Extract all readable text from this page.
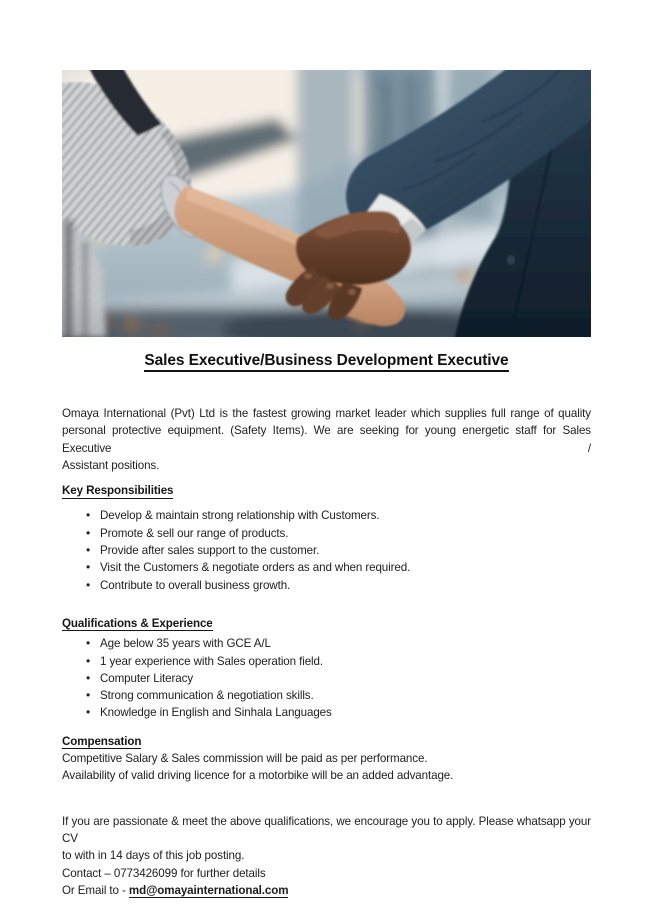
Sales Executive/Business Development Executive

Omaya International (Pvt) Ltd is the fastest growing market leader which supplies full range of quality
personal protective equipment. (Safety Items). We are seeking for young energetic staff for Sales Executive /
Assistant positions.

Key Responsibilities
• Develop & maintain strong relationship with Customers.
• Promote & sell our range of products.
• Provide after sales support to the customer.
• Visit the Customers & negotiate orders as and when required.
• Contribute to overall business growth.
Qualifications & Experience
• Age below 35 years with GCE A/L
• 1 year experience with Sales operation field.
• Computer Literacy
• Strong communication & negotiation skills.
• Knowledge in English and Sinhala Languages
Compensation

Competitive Salary & Sales commission will be paid as per performance.
Availability of valid driving licence for a motorbike will be an added advantage.

If you are passionate & meet the above qualifications, we encourage you to apply. Please whatsapp your CV
to with in 14 days of this job posting.

Contact – 0773426099 for further details

Or Email to - md@omayainternational.com
